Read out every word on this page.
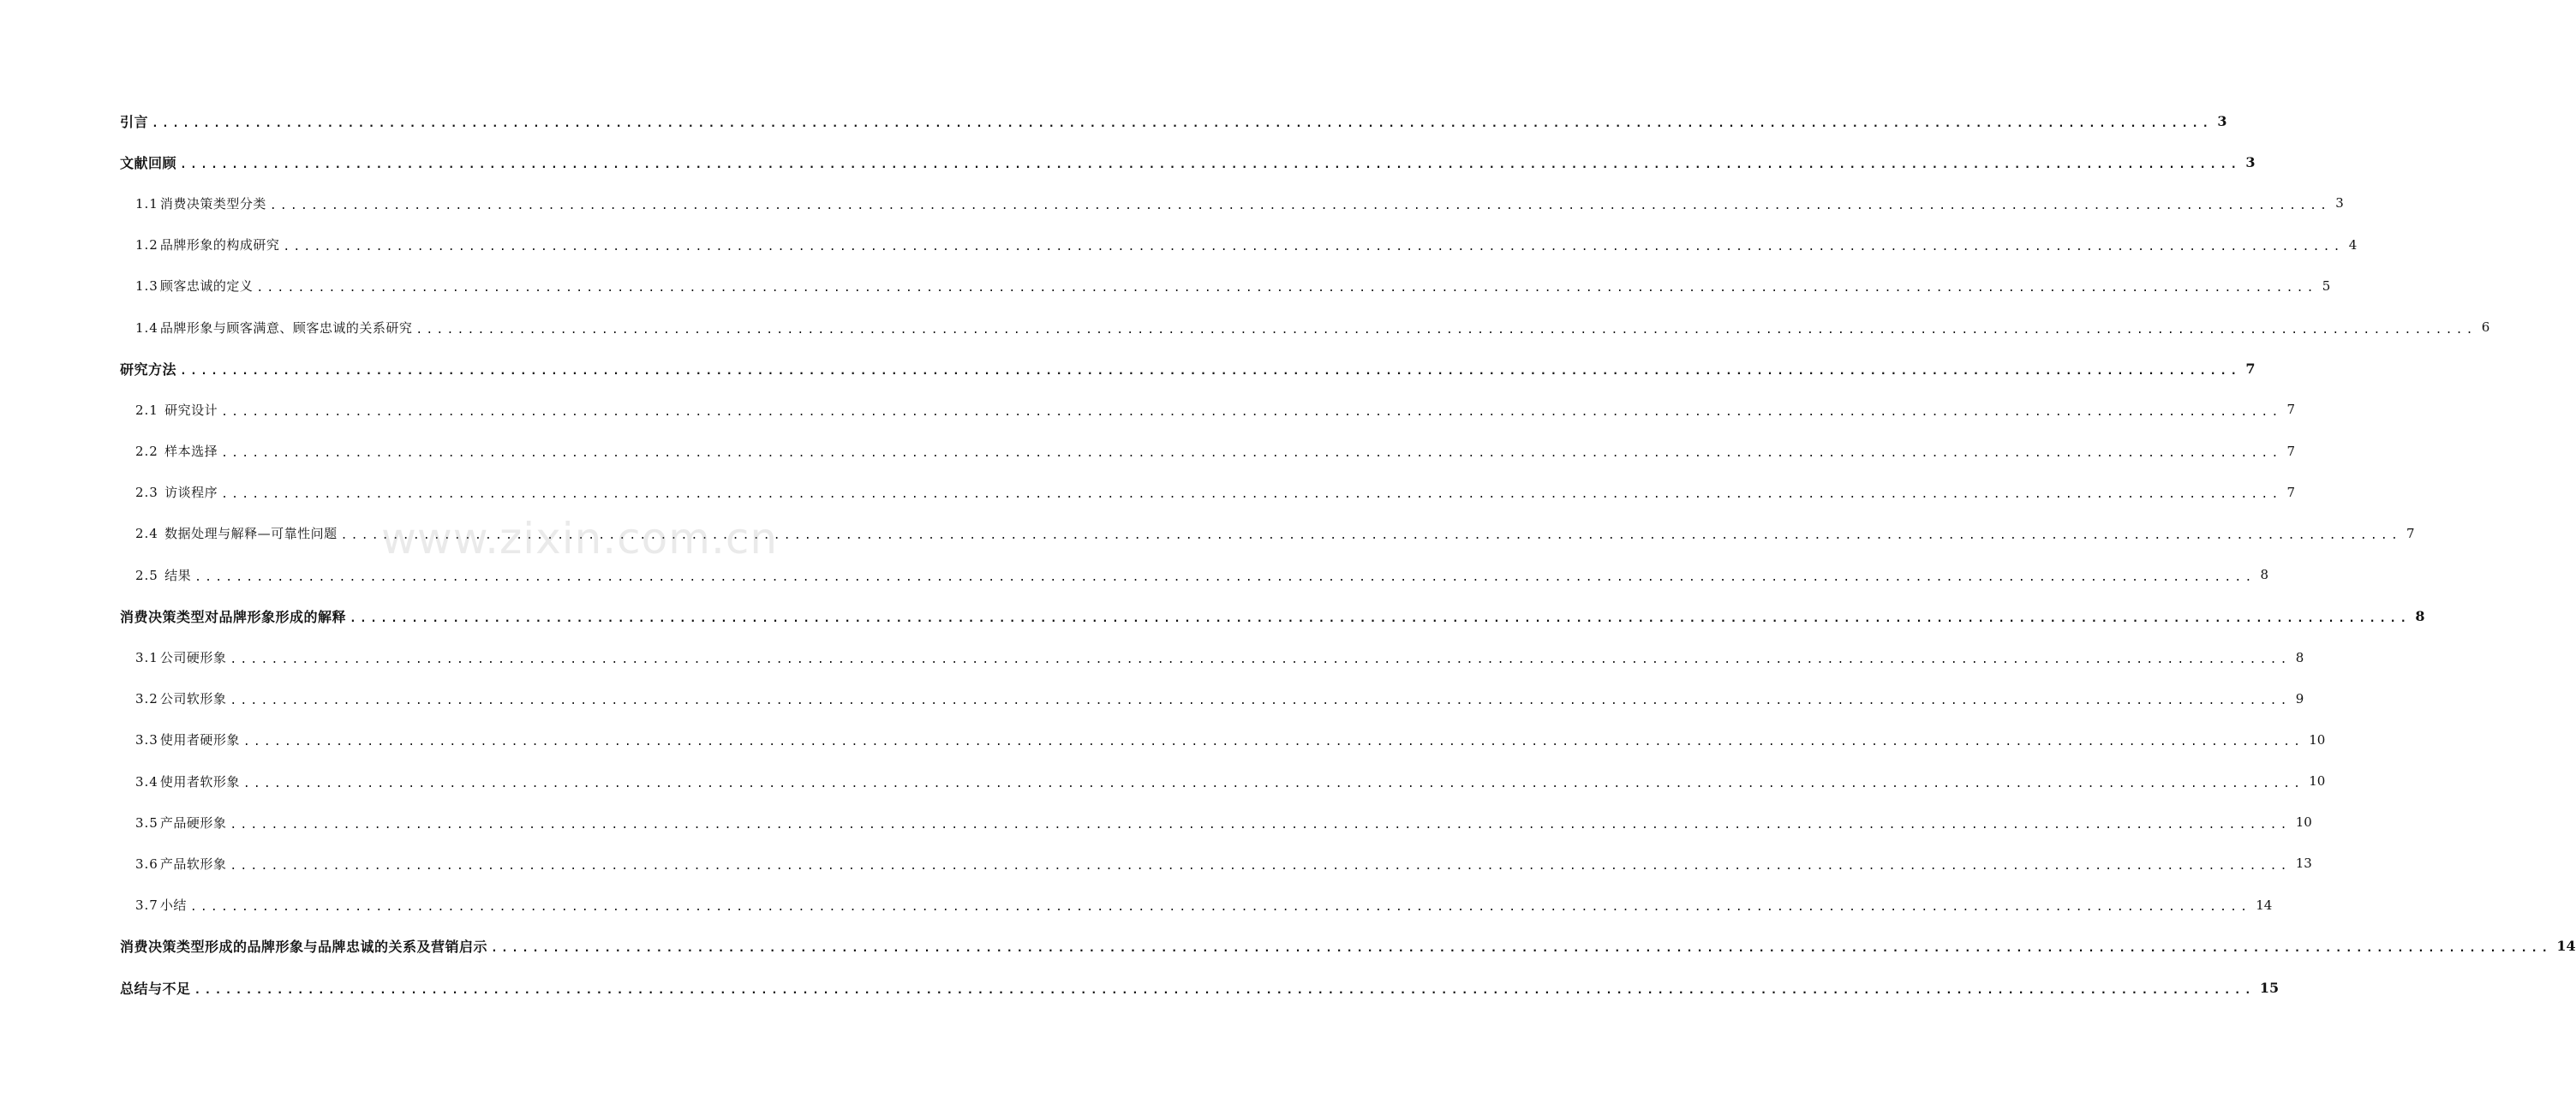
引言 ........................................................................................................................................................................................................ 3
文献回顾 ........................................................................................................................................................................................................ 3
1.1 消费决策类型分类 ........................................................................................................................................................................................................ 3
1.2 品牌形象的构成研究 ........................................................................................................................................................................................................ 4
1.3 顾客忠诚的定义 ........................................................................................................................................................................................................ 5
1.4 品牌形象与顾客满意、顾客忠诚的关系研究 ........................................................................................................................................................................................................ 6
研究方法 ........................................................................................................................................................................................................ 7
2.1 研究设计 ........................................................................................................................................................................................................ 7
2.2 样本选择 ........................................................................................................................................................................................................ 7
2.3 访谈程序 ........................................................................................................................................................................................................ 7
2.4 数据处理与解释—可靠性问题 ........................................................................................................................................................................................................ 7
2.5 结果 ........................................................................................................................................................................................................ 8
消费决策类型对品牌形象形成的解释 ........................................................................................................................................................................................................ 8
3.1 公司硬形象 ........................................................................................................................................................................................................ 8
3.2 公司软形象 ........................................................................................................................................................................................................ 9
3.3 使用者硬形象 ........................................................................................................................................................................................................ 10
3.4 使用者软形象 ........................................................................................................................................................................................................ 10
3.5 产品硬形象 ........................................................................................................................................................................................................ 10
3.6 产品软形象 ........................................................................................................................................................................................................ 13
3.7 小结 ........................................................................................................................................................................................................ 14
消费决策类型形成的品牌形象与品牌忠诚的关系及营销启示 ........................................................................................................................................................................................................ 14
总结与不足 ........................................................................................................................................................................................................ 15
www.zixin.com.cn
